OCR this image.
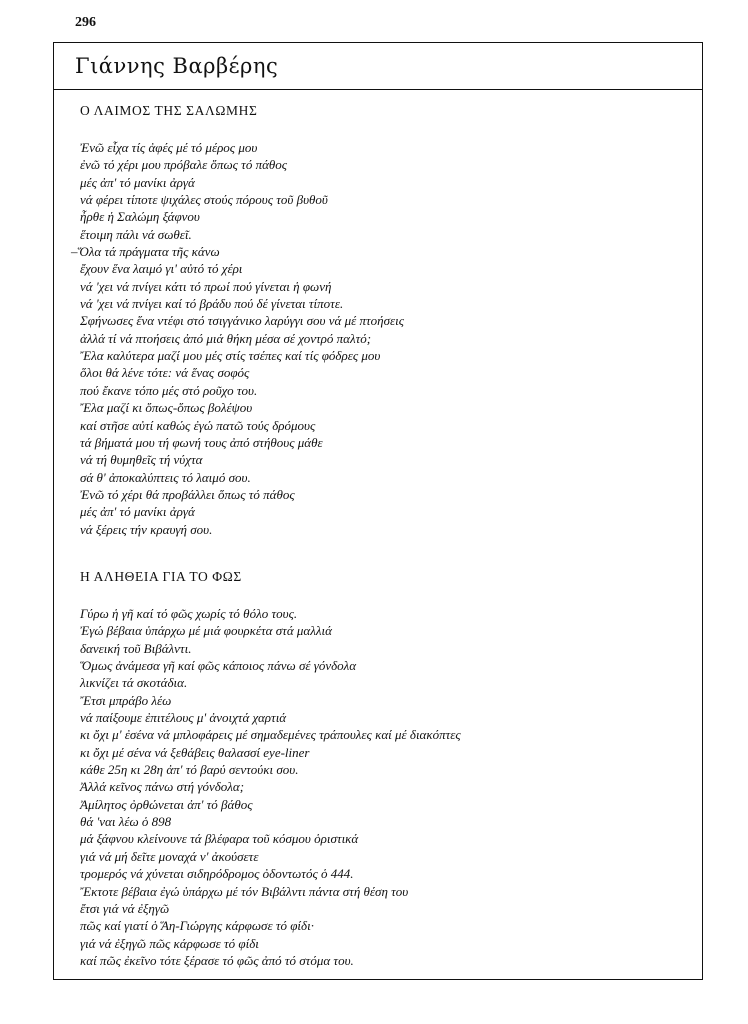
296
Γιάννης Βαρβέρης
Ο ΛΑΙΜΟΣ ΤΗΣ ΣΑΛΩΜΗΣ
Ἐνῶ εἶχα τίς ἀφές μέ τό μέρος μου
ἐνῶ τό χέρι μου πρόβαλε ὅπως τό πάθος
μές ἀπ' τό μανίκι ἀργά
νά φέρει τίποτε ψιχάλες στούς πόρους τοῦ βυθοῦ
ἦρθε ἡ Σαλώμη ξάφνου
ἕτοιμη πάλι νά σωθεῖ.
–Ὅλα τά πράγματα τῆς κάνω
ἔχουν ἕνα λαιμό γι' αὐτό τό χέρι
νά 'χει νά πνίγει κάτι τό πρωί πού γίνεται ἡ φωνή
νά 'χει νά πνίγει καί τό βράδυ πού δέ γίνεται τίποτε.
Σφήνωσες ἕνα ντέφι στό τσιγγάνικο λαρύγγι σου νά μέ πτοήσεις
ἀλλά τί νά πτοήσεις ἀπό μιά θήκη μέσα σέ χοντρό παλτό;
Ἔλα καλύτερα μαζί μου μές στίς τσέπες καί τίς φόδρες μου
ὅλοι θά λένε τότε: νά ἕνας σοφός
πού ἔκανε τόπο μές στό ροῦχο του.
Ἔλα μαζί κι ὅπως-ὅπως βολέψου
καί στῆσε αὐτί καθώς ἐγώ πατῶ τούς δρόμους
τά βήματά μου τή φωνή τους ἀπό στήθους μάθε
νά τή θυμηθεῖς τή νύχτα
σά θ' ἀποκαλύπτεις τό λαιμό σου.
Ἐνῶ τό χέρι θά προβάλλει ὅπως τό πάθος
μές ἀπ' τό μανίκι ἀργά
νά ξέρεις τήν κραυγή σου.
Η ΑΛΗΘΕΙΑ ΓΙΑ ΤΟ ΦΩΣ
Γύρω ἡ γῆ καί τό φῶς χωρίς τό θόλο τους.
Ἐγώ βέβαια ὑπάρχω μέ μιά φουρκέτα στά μαλλιά
δανεική τοῦ Βιβάλντι.
Ὅμως ἀνάμεσα γῆ καί φῶς κάποιος πάνω σέ γόνδολα
λικνίζει τά σκοτάδια.
Ἔτσι μπράβο λέω
νά παίξουμε ἐπιτέλους μ' ἀνοιχτά χαρτιά
κι ὄχι μ' ἐσένα νά μπλοφάρεις μέ σημαδεμένες τράπουλες καί μέ διακόπτες
κι ὄχι μέ σένα νά ξεθάβεις θαλασσί eye-liner
κάθε 25η κι 28η ἀπ' τό βαρύ σεντούκι σου.
Ἀλλά κεῖνος πάνω στή γόνδολα;
Ἀμίλητος ὀρθώνεται ἀπ' τό βάθος
θά 'ναι λέω ὁ 898
μά ξάφνου κλείνουνε τά βλέφαρα τοῦ κόσμου ὁριστικά
γιά νά μή δεῖτε μοναχά ν' ἀκούσετε
τρομερός νά χύνεται σιδηρόδρομος ὀδοντωτός ὁ 444.
Ἔκτοτε βέβαια ἐγώ ὑπάρχω μέ τόν Βιβάλντι πάντα στή θέση του
ἔτσι γιά νά ἐξηγῶ
πῶς καί γιατί ὁ Ἅη-Γιώργης κάρφωσε τό φίδι·
γιά νά ἐξηγῶ πῶς κάρφωσε τό φίδι
καί πῶς ἐκεῖνο τότε ξέρασε τό φῶς ἀπό τό στόμα του.
